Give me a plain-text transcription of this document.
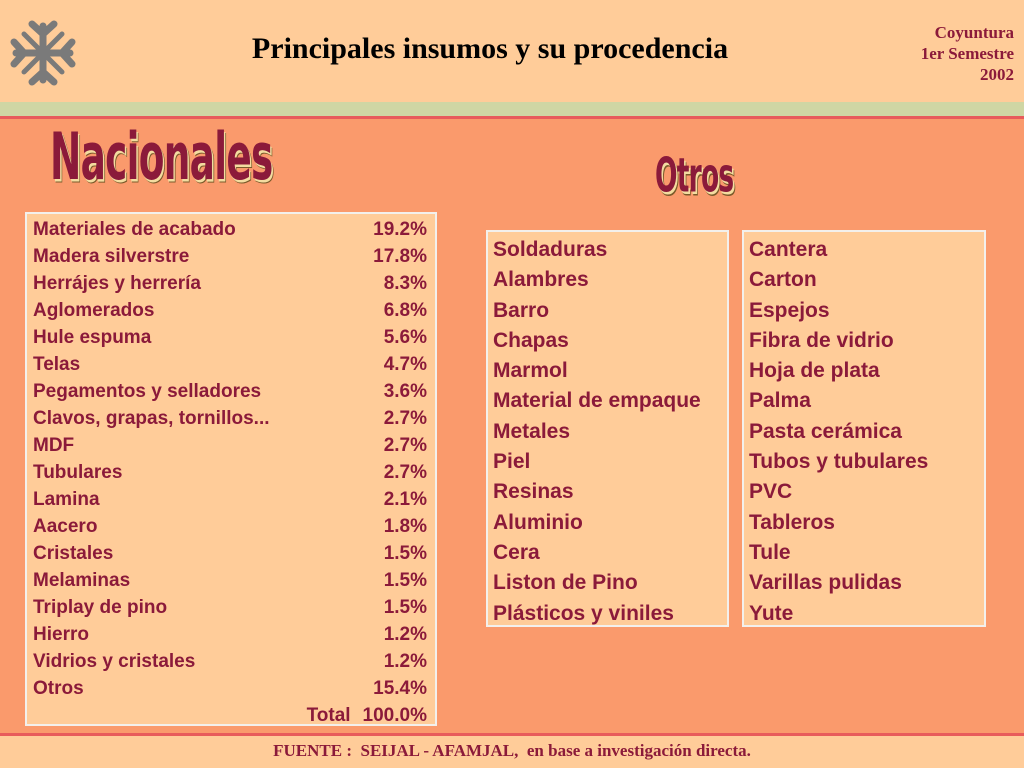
Principales insumos y su procedencia	Coyuntura
1er Semestre
2002
Nacionales	Otros
Materiales de acabado	19.2%
Madera silverstre	17.8%
Herrájes y herrería	8.3%
Aglomerados	6.8%
Hule espuma	5.6%
Telas	4.7%
Pegamentos y selladores	3.6%
Clavos, grapas, tornillos...	2.7%
MDF	2.7%
Tubulares	2.7%
Lamina	2.1%
Aacero	1.8%
Cristales	1.5%
Melaminas	1.5%
Triplay de pino	1.5%
Hierro	1.2%
Vidrios y cristales	1.2%
Otros	15.4%
Total 100.0%
Soldaduras
Alambres
Barro
Chapas
Marmol
Material de empaque
Metales
Piel
Resinas
Aluminio
Cera
Liston de Pino
Plásticos y viniles
Cantera
Carton
Espejos
Fibra de vidrio
Hoja de plata
Palma
Pasta cerámica
Tubos y tubulares
PVC
Tableros
Tule
Varillas pulidas
Yute
FUENTE :  SEIJAL - AFAMJAL,  en base a investigación directa.
